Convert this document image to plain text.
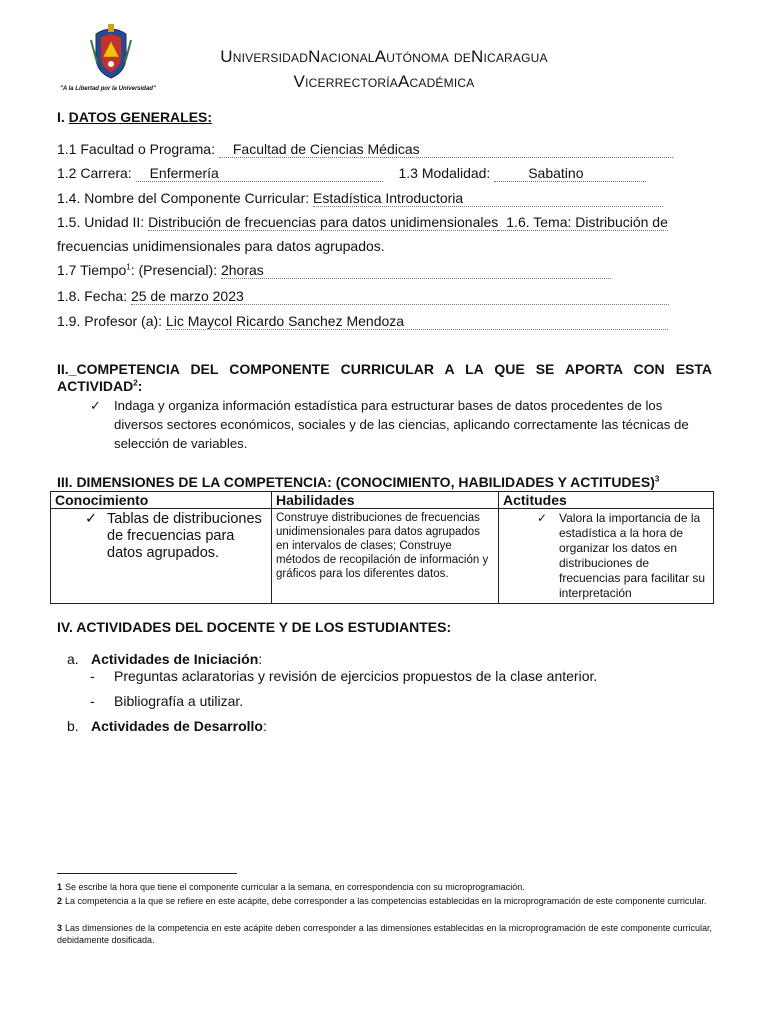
"A la Libertad por la Universidad"
UniversidadNacionalAutónoma deNicaragua
VicerrectoríaAcadémica
I. DATOS GENERALES:
1.1 Facultad o Programa: Facultad de Ciencias Médicas
1.2 Carrera: Enfermería	1.3 Modalidad: Sabatino
1.4. Nombre del Componente Curricular: Estadística Introductoria
1.5. Unidad II: Distribución de frecuencias para datos unidimensionales 1.6. Tema: Distribución de
frecuencias unidimensionales para datos agrupados.
1.7 Tiempo$^1$: (Presencial): 2horas
1.8. Fecha: 25 de marzo 2023
1.9. Profesor (a): Lic Maycol Ricardo Sanchez Mendoza
II._COMPETENCIA DEL COMPONENTE CURRICULAR A LA QUE SE APORTA CON ESTA
ACTIVIDAD$^2$:
✓ Indaga y organiza información estadística para estructurar bases de datos procedentes de los diversos sectores económicos, sociales y de las ciencias, aplicando correctamente las técnicas de selección de variables.
III. DIMENSIONES DE LA COMPETENCIA: (CONOCIMIENTO, HABILIDADES Y ACTITUDES)$^3$
Conocimiento	Habilidades	Actitudes

✓ Tablas de distribuciones de frecuencias para datos agrupados.	Construye distribuciones de frecuencias unidimensionales para datos agrupados en intervalos de clases; Construye métodos de recopilación de información y gráficos para los diferentes datos.	✓ Valora la importancia de la estadística a la hora de organizar los datos en distribuciones de frecuencias para facilitar su interpretación
IV. ACTIVIDADES DEL DOCENTE Y DE LOS ESTUDIANTES:
a. Actividades de Iniciación:
- Preguntas aclaratorias y revisión de ejercicios propuestos de la clase anterior.
- Bibliografía a utilizar.
b. Actividades de Desarrollo:
1 Se escribe la hora que tiene el componente curricular a la semana, en correspondencia con su microprogramación.
2 La competencia a la que se refiere en este acápite, debe corresponder a las competencias establecidas en la microprogramación de este componente curricular.
3 Las dimensiones de la competencia en este acápite deben corresponder a las dimensiones establecidas en la microprogramación de este componente curricular, debidamente dosificada.
